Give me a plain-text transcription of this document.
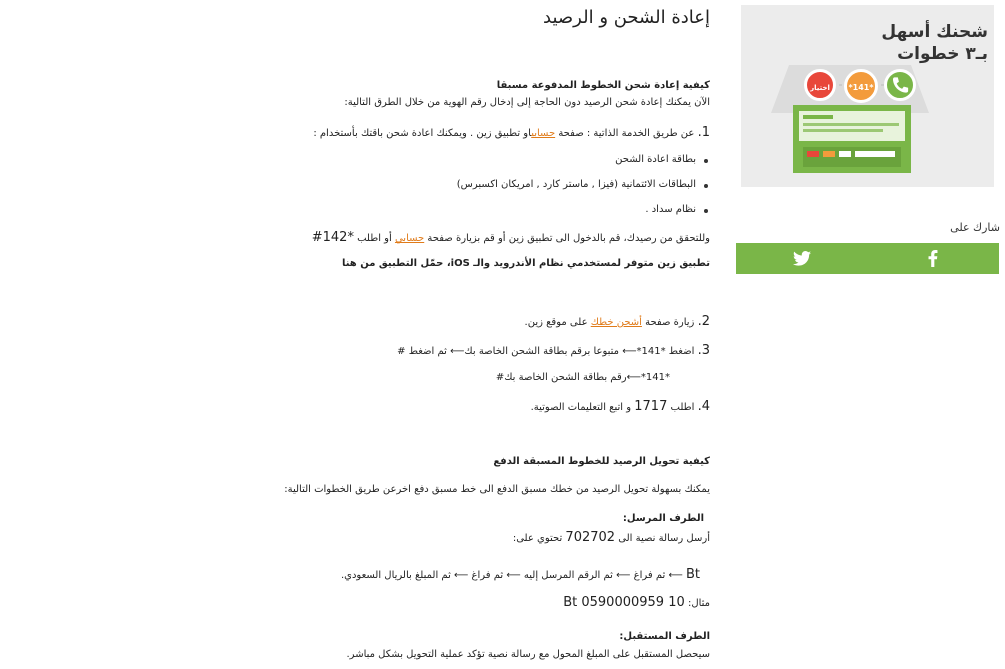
إعادة الشحن و الرصيد
كيفية إعادة شحن الخطوط المدفوعة مسبقا
الآن يمكنك إعادة شحن الرصيد دون الحاجة إلى إدخال رقم الهوية من خلال الطرق التالية:
1. عن طريق الخدمة الذاتية : صفحة حسابياو تطبيق زين . ويمكنك اعادة شحن باقتك بأستخدام :
بطاقة اعادة الشحن
البطاقات الائتمانية (فيزا , ماستر كارد , امريكان اكسبرس)
نظام سداد .
وللتحقق من رصيدك، قم بالدخول الى تطبيق زين أو قم بزيارة صفحة حسابي أو اطلب *142#
تطبيق زين متوفر لمستخدمي نظام الأندرويد والـ iOS، حمّل التطبيق من هنا
2. زيارة صفحة أشحن خطك على موقع زين.
3. اضغط *141*⟵ متبوعا برقم بطاقة الشحن الخاصة بك⟵ ثم اضغط #
*141*⟵رقم بطاقة الشحن الخاصة بك#
4. اطلب 1717 و اتبع التعليمات الصوتية.
كيفية تحويل الرصيد للخطوط المسبقة الدفع
يمكنك بسهولة تحويل الرصيد من خطك مسبق الدفع الى خط مسبق دفع اخرعن طريق الخطوات التالية:
الطرف المرسل:
أرسل رسالة نصية الى 702702 تحتوي على:
Bt ⟵ ثم فراغ ⟵ ثم الرقم المرسل إليه ⟵ ثم فراغ ⟵ ثم المبلغ بالريال السعودي.
مثال: Bt 0590000959 10
الطرف المستقبل:
سيحصل المستقبل على المبلغ المحول مع رسالة نصية تؤكد عملية التحويل بشكل مباشر.
شحنك أسهل
بـ٣ خطوات
اختيار	*141*
شارك على
